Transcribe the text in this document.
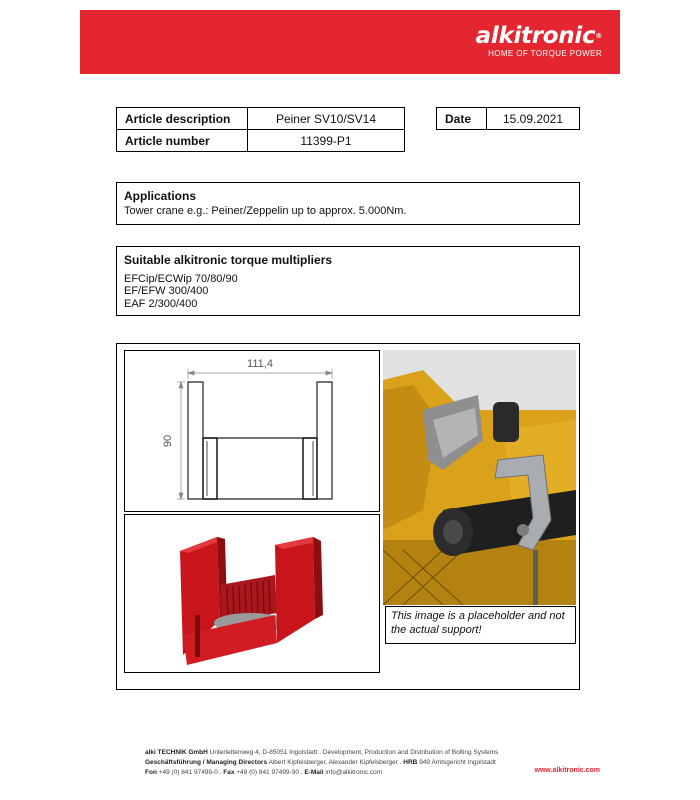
alkitronic®
HOME OF TORQUE POWER
Article description	Peiner SV10/SV14
Article number	11399-P1
Date	15.09.2021
Applications
Tower crane e.g.: Peiner/Zeppelin up to approx. 5.000Nm.
Suitable alkitronic torque multipliers
EFCip/ECWip 70/80/90
EF/EFW 300/400
EAF 2/300/400
111,4
90
This image is a placeholder and not the actual support!
alki TECHNIK GmbH Unterlettenweg 4, D-85051 Ingolstadt . Development, Production and Distribution of Bolting Systems
Geschäftsführung / Managing Directors Albert Kipfelsberger, Alexander Kipfelsberger . HRB 949 Amtsgericht Ingolstadt
Fon +49 (0) 841 97499-0 . Fax +49 (0) 841 97499-90 . E-Mail info@alkitronic.com	www.alkitronic.com
